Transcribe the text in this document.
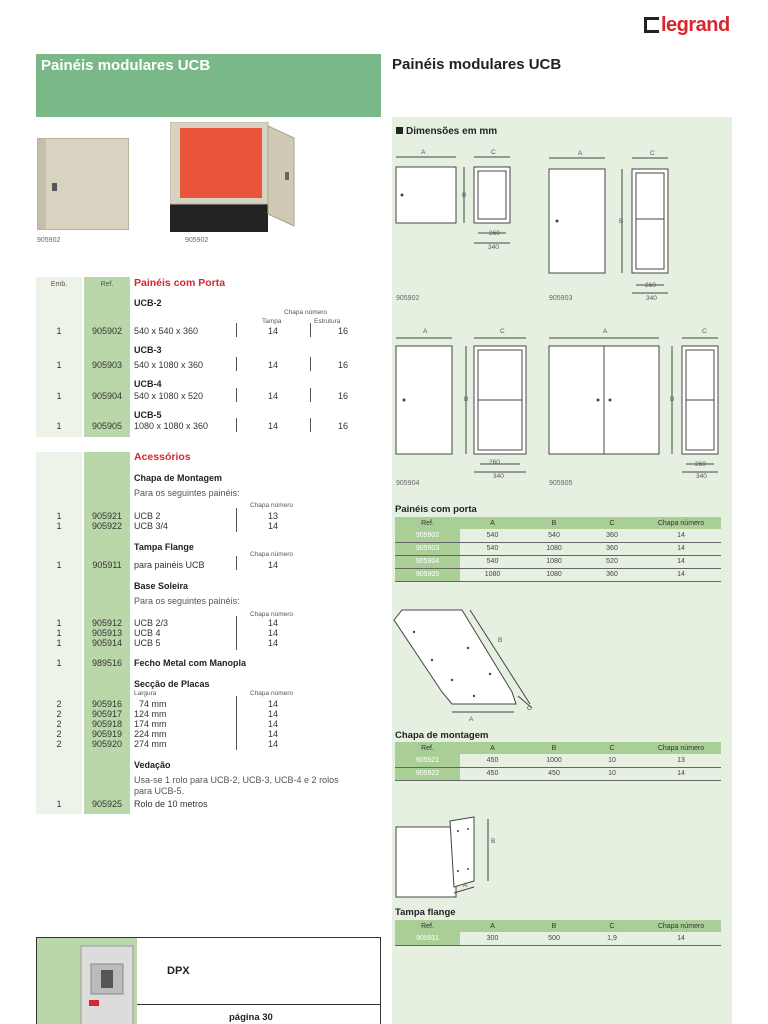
legrand
Painéis modulares UCB	Painéis modulares UCB
905902	905902
Emb.	Ref.	Painéis com Porta
UCB-2
Chapa número
Tampa	Estrutura
1	905902	540 x 540 x 360	14	16
UCB-3
1	905903	540 x 1080 x 360	14	16
UCB-4
1	905904	540 x 1080 x 520	14	16
UCB-5
1	905905	1080 x 1080 x 360	14	16
Acessórios
Chapa de Montagem
Para os seguintes painéis:
Chapa número
1	905921	UCB 2	13
1	905922	UCB 3/4	14
Tampa Flange
Chapa número
1	905911	para painéis UCB	14
Base Soleira
Para os seguintes painéis:
Chapa número
1	905912	UCB 2/3	14
1	905913	UCB 4	14
1	905914	UCB 5	14
1	989516	Fecho Metal com Manopla
Secção de Placas
Largura	Chapa número
2	905916	74 mm	14
2	905917	124 mm	14
2	905918	174 mm	14
2	905919	224 mm	14
2	905920	274 mm	14
Vedação
Usa-se 1 rolo para UCB-2, UCB-3, UCB-4 e 2 rolos
para UCB-5.
1	905925	Rolo de 10 metros
Dimensões em mm
A	C
B
260
340
905902
A	C
B
260
340
905903
A	C
B
260
340
905904
A	C
B
260
340
905905
Painéis com porta
Ref.	A	B	C	Chapa número
905902	540	540	360	14
905903	540	1080	360	14
905904	540	1080	520	14
905905	1080	1080	360	14
B
A
C
Chapa de montagem
Ref.	A	B	C	Chapa número
905921	450	1000	10	13
905922	450	450	10	14
B
A
Tampa flange
Ref.	A	B	C	Chapa número
905911	300	500	1,9	14
DPX
página 30
